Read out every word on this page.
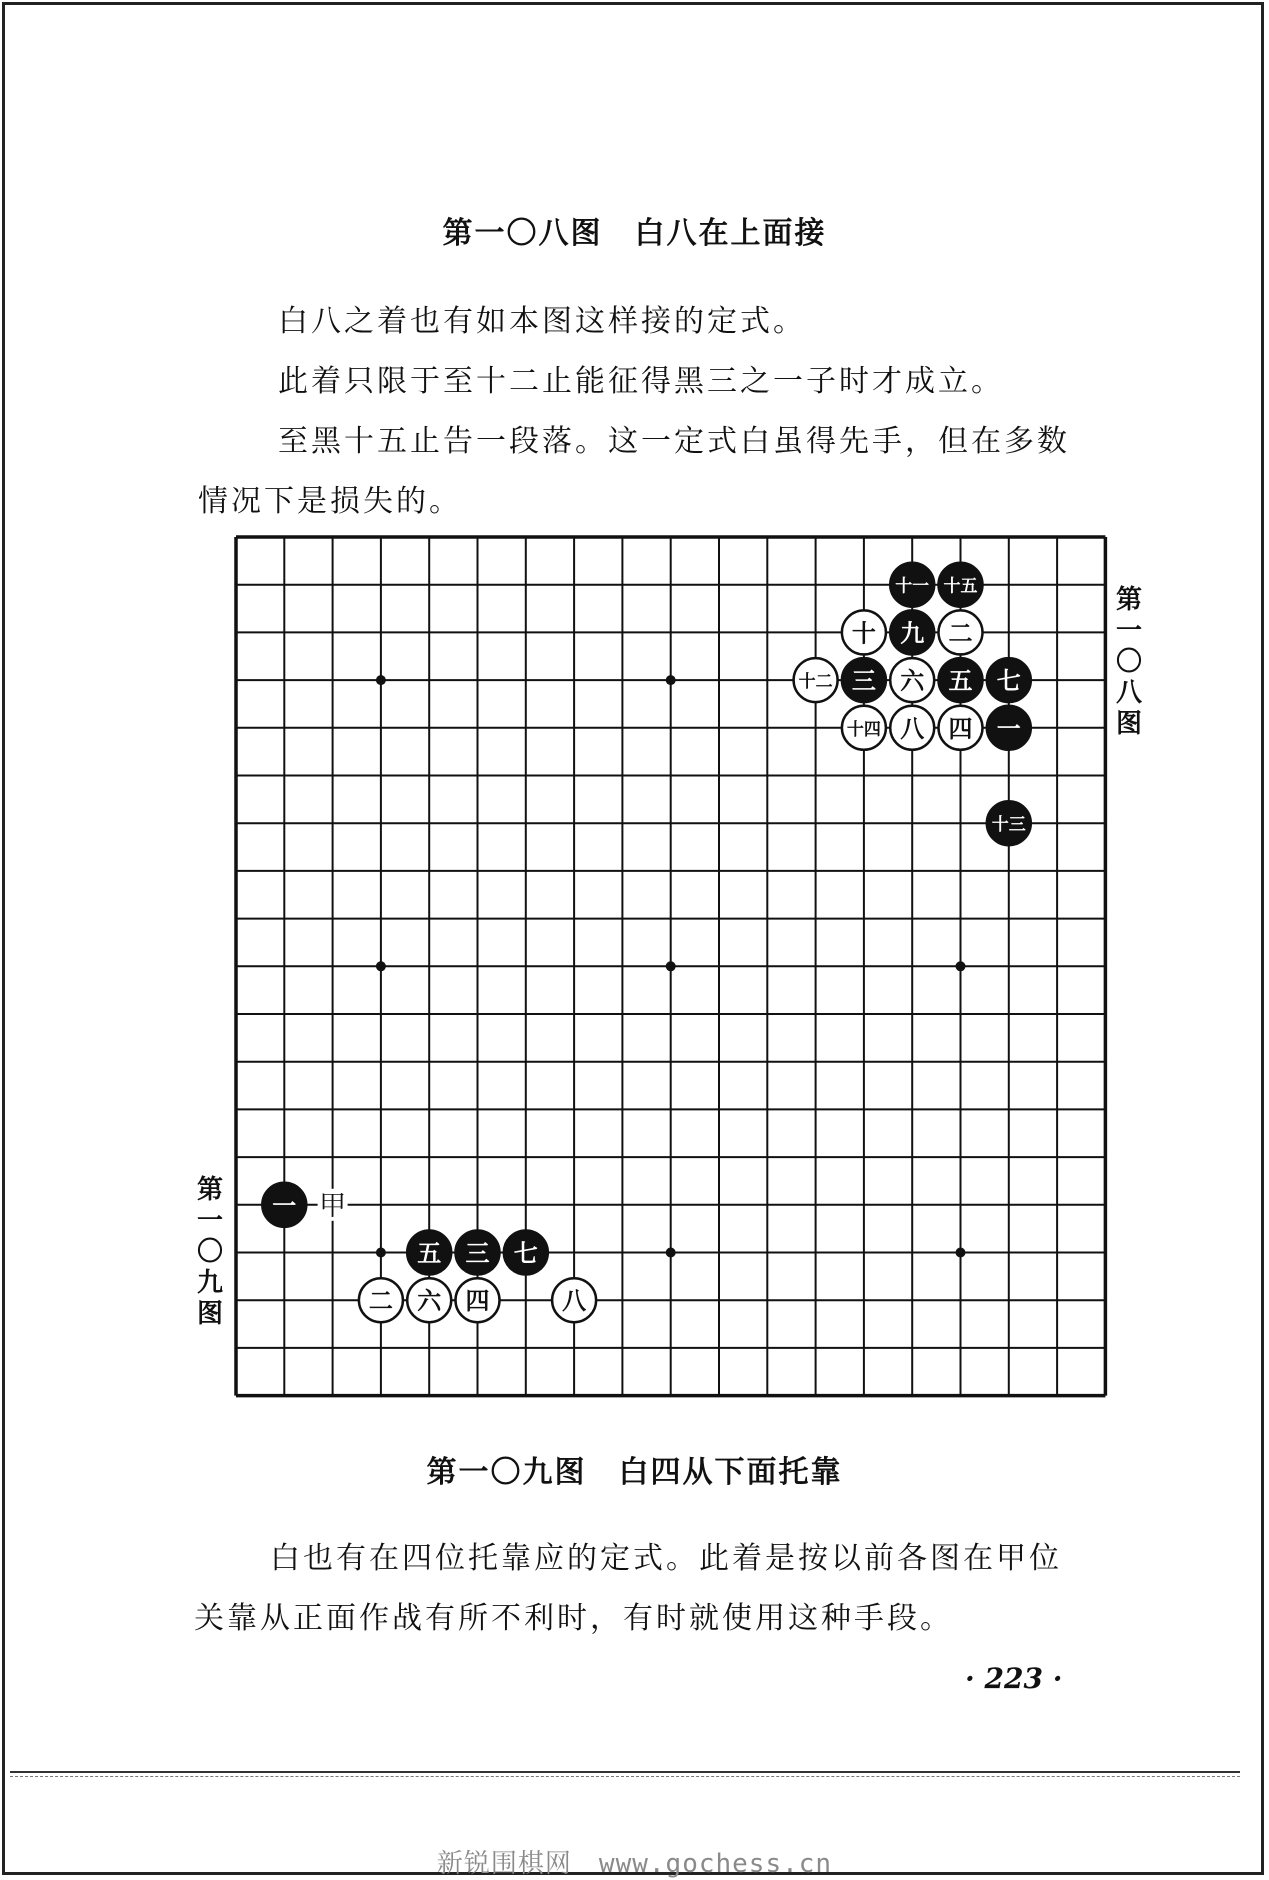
第一〇八图　白八在上面接
白八之着也有如本图这样接的定式。
此着只限于至十二止能征得黑三之一子时才成立。
至黑十五止告一段落。这一定式白虽得先手，但在多数
情况下是损失的。
甲
十一 十五
十 九 二
十二 三 六 五 七
十四 八 四 一
十三
一
五 三 七
二 六 四	八
第
一
〇
八
图
第
一
〇
九
图
第一〇九图　白四从下面托靠
白也有在四位托靠应的定式。此着是按以前各图在甲位
关靠从正面作战有所不利时，有时就使用这种手段。
· 223 ·
新锐围棋网　www.gochess.cn
